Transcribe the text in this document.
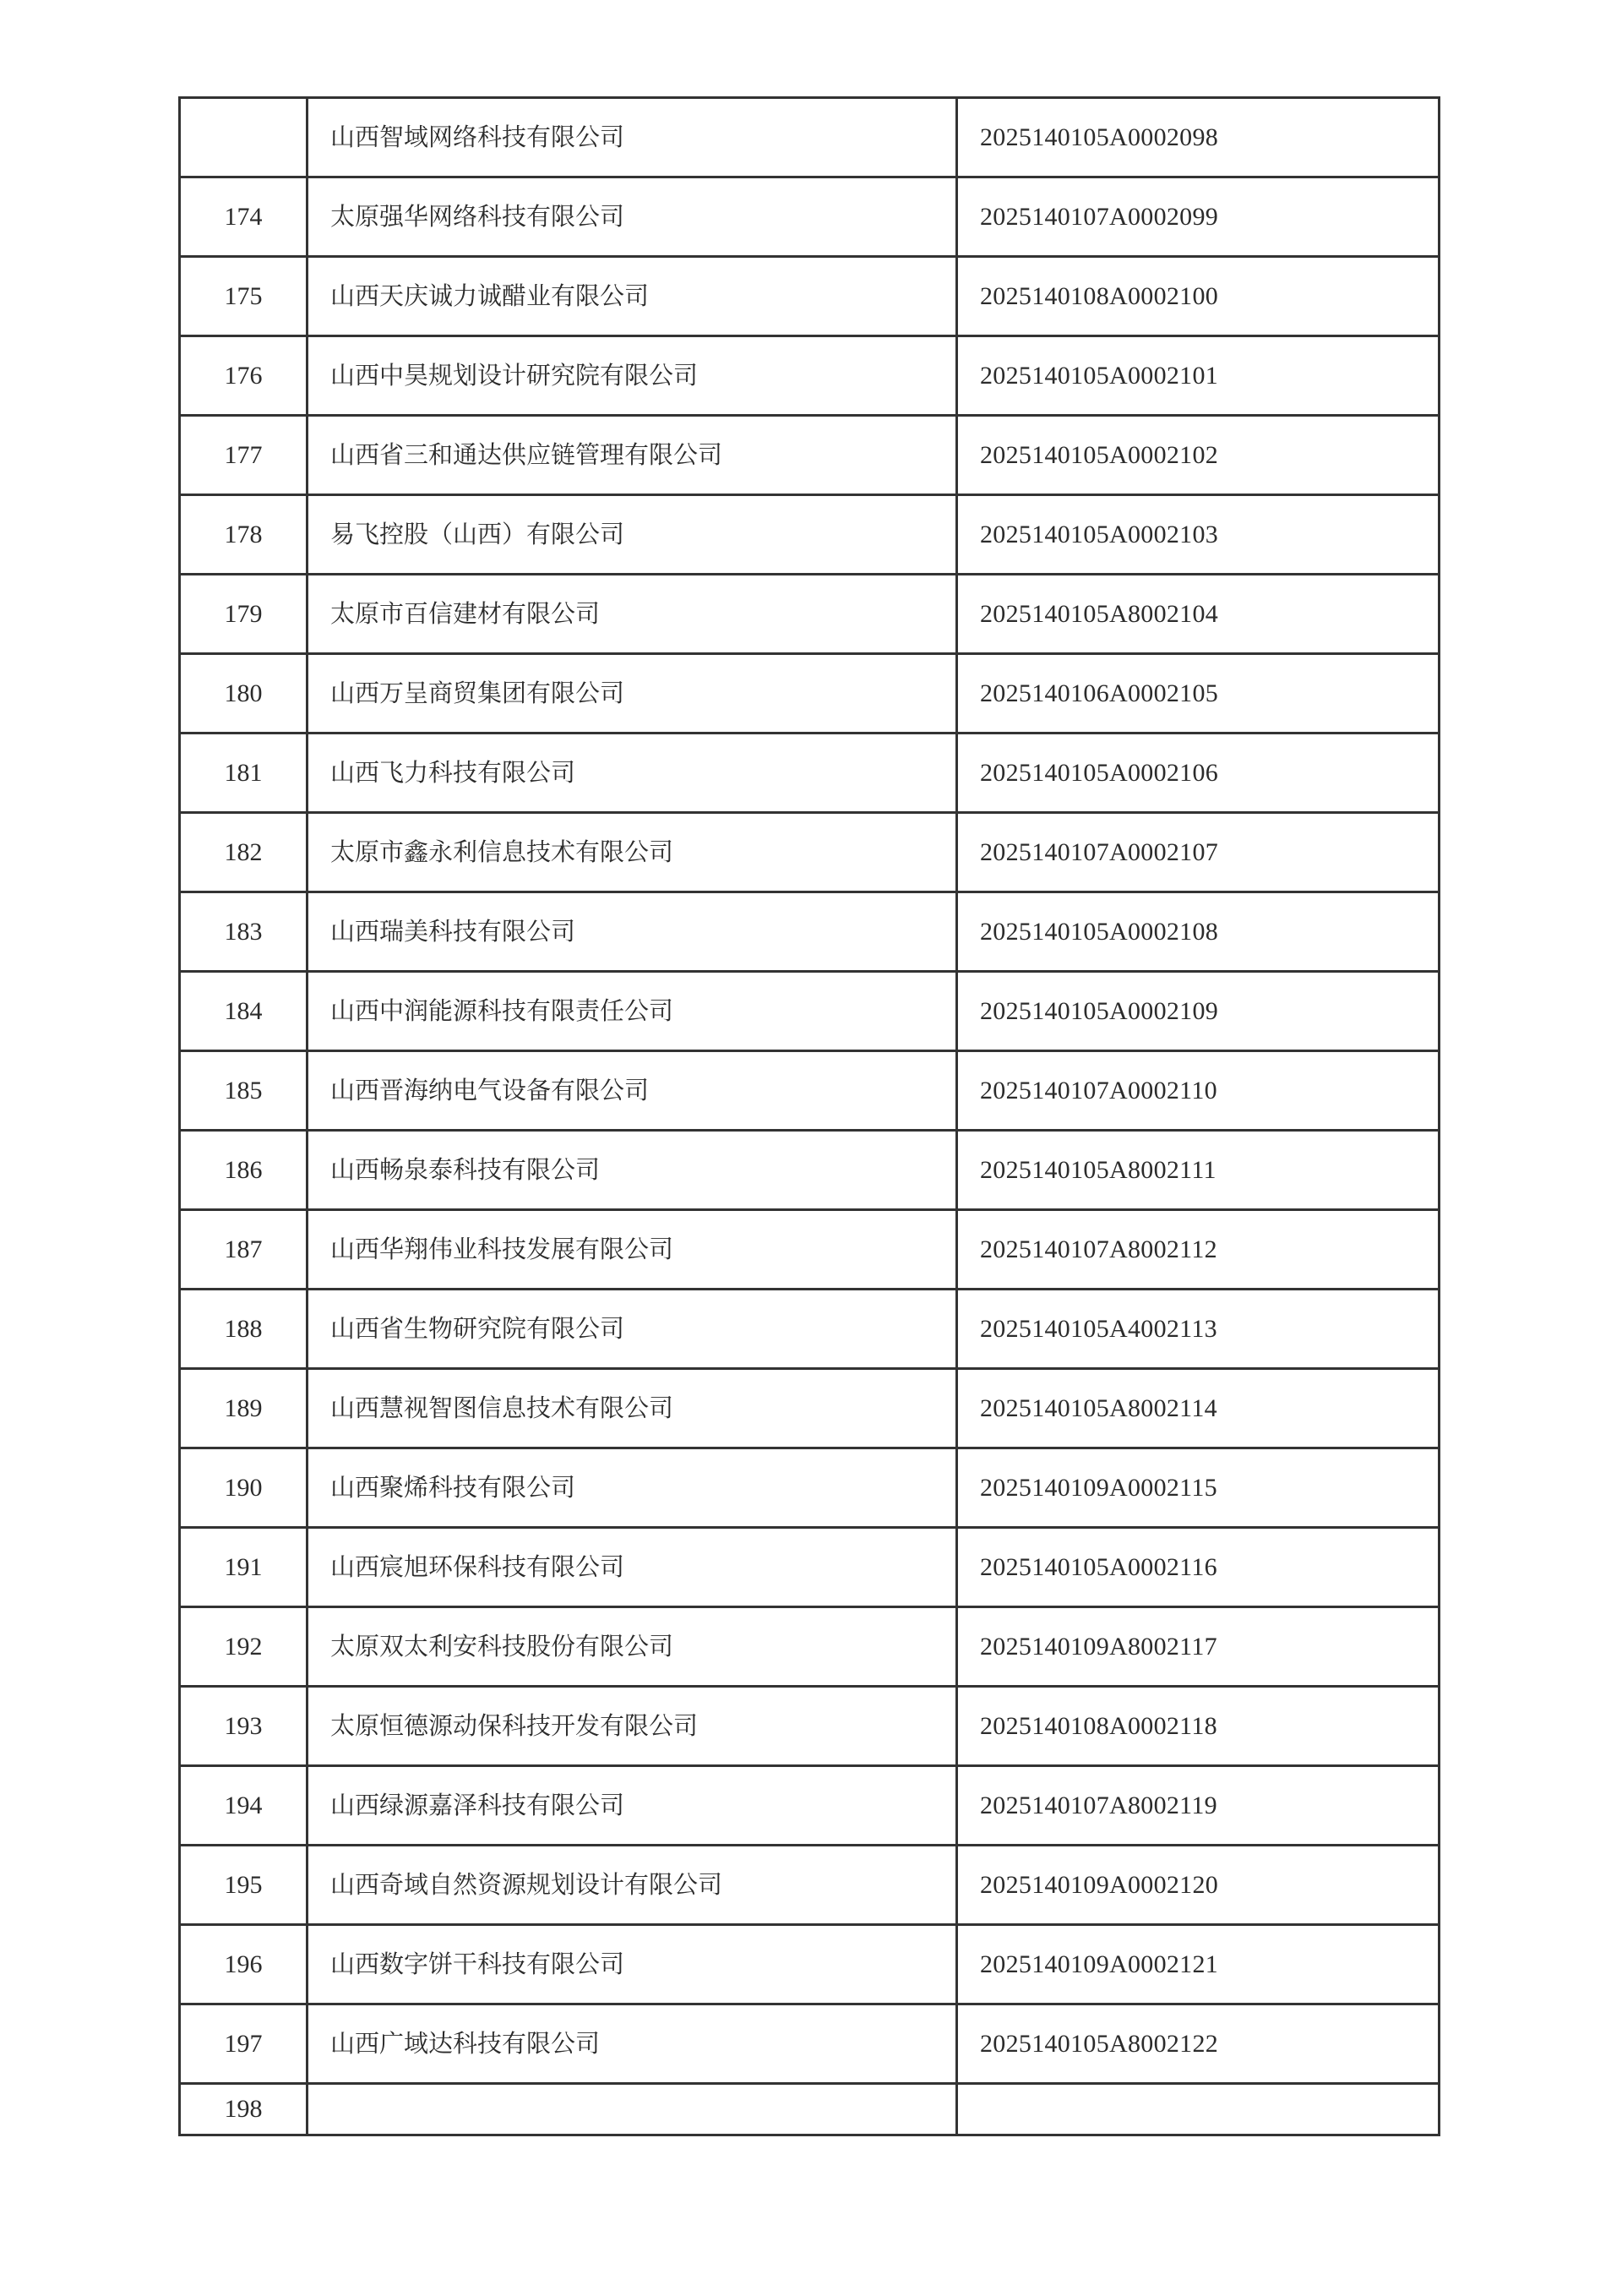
	山西智域网络科技有限公司	2025140105A0002098
174	太原强华网络科技有限公司	2025140107A0002099
175	山西天庆诚力诚醋业有限公司	2025140108A0002100
176	山西中昊规划设计研究院有限公司	2025140105A0002101
177	山西省三和通达供应链管理有限公司	2025140105A0002102
178	易飞控股（山西）有限公司	2025140105A0002103
179	太原市百信建材有限公司	2025140105A8002104
180	山西万呈商贸集团有限公司	2025140106A0002105
181	山西飞力科技有限公司	2025140105A0002106
182	太原市鑫永利信息技术有限公司	2025140107A0002107
183	山西瑞美科技有限公司	2025140105A0002108
184	山西中润能源科技有限责任公司	2025140105A0002109
185	山西晋海纳电气设备有限公司	2025140107A0002110
186	山西畅泉泰科技有限公司	2025140105A8002111
187	山西华翔伟业科技发展有限公司	2025140107A8002112
188	山西省生物研究院有限公司	2025140105A4002113
189	山西慧视智图信息技术有限公司	2025140105A8002114
190	山西聚烯科技有限公司	2025140109A0002115
191	山西宸旭环保科技有限公司	2025140105A0002116
192	太原双太利安科技股份有限公司	2025140109A8002117
193	太原恒德源动保科技开发有限公司	2025140108A0002118
194	山西绿源嘉泽科技有限公司	2025140107A8002119
195	山西奇域自然资源规划设计有限公司	2025140109A0002120
196	山西数字饼干科技有限公司	2025140109A0002121
197	山西广域达科技有限公司	2025140105A8002122
198		
